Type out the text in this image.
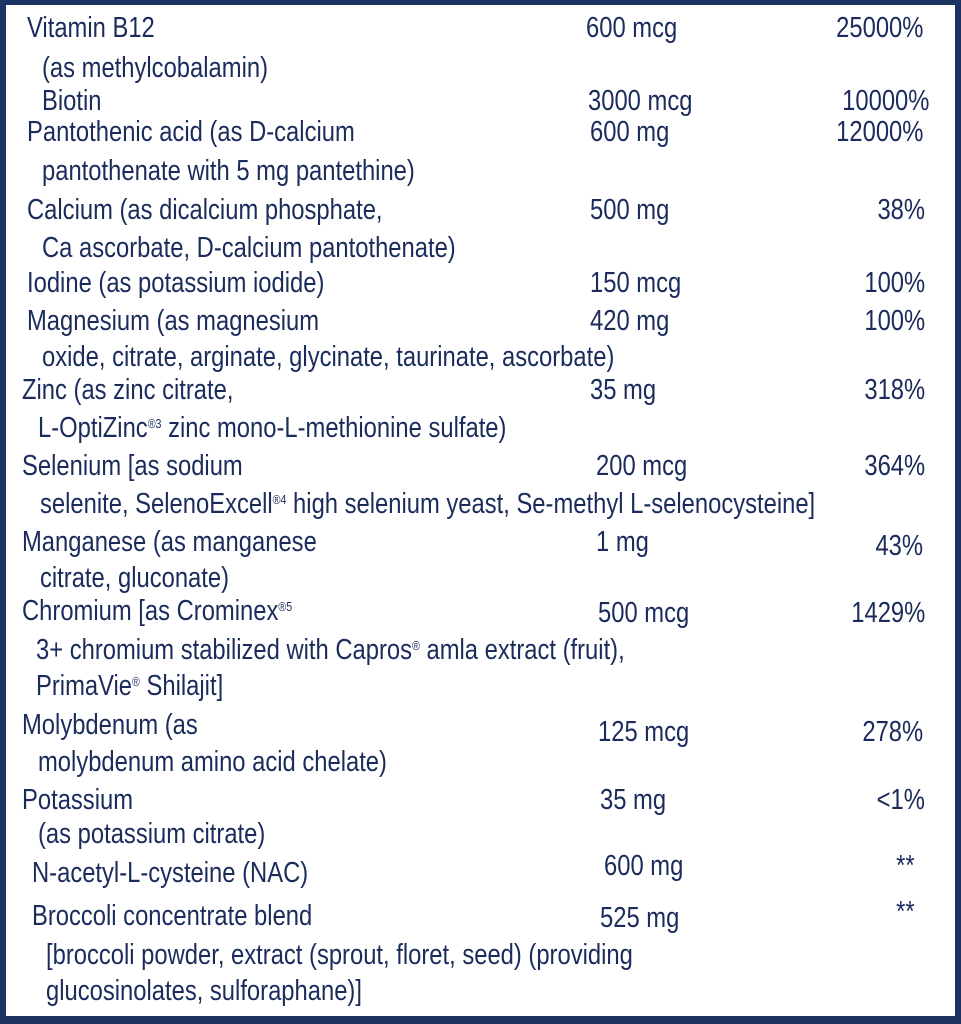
Vitamin B12	600 mcg	25000%
(as methylcobalamin)
Biotin	3000 mcg	10000%
Pantothenic acid (as D-calcium	600 mg	12000%
pantothenate with 5 mg pantethine)
Calcium (as dicalcium phosphate,	500 mg	38%
Ca ascorbate, D-calcium pantothenate)
Iodine (as potassium iodide)	150 mcg	100%
Magnesium (as magnesium	420 mg	100%
oxide, citrate, arginate, glycinate, taurinate, ascorbate)
Zinc (as zinc citrate,	35 mg	318%
L-OptiZinc$^{®3}$ zinc mono-L-methionine sulfate)
Selenium [as sodium	200 mcg	364%
selenite, SelenoExcell$^{®4}$ high selenium yeast, Se-methyl L-selenocysteine]
Manganese (as manganese	1 mg	43%
citrate, gluconate)
Chromium [as Crominex$^{®5}$	500 mcg	1429%
3+ chromium stabilized with Capros® amla extract (fruit),
PrimaVie® Shilajit]
Molybdenum (as	125 mcg	278%
molybdenum amino acid chelate)
Potassium	35 mg	<1%
(as potassium citrate)
N-acetyl-L-cysteine (NAC)	600 mg	**
Broccoli concentrate blend	525 mg	**
[broccoli powder, extract (sprout, floret, seed) (providing
glucosinolates, sulforaphane)]
